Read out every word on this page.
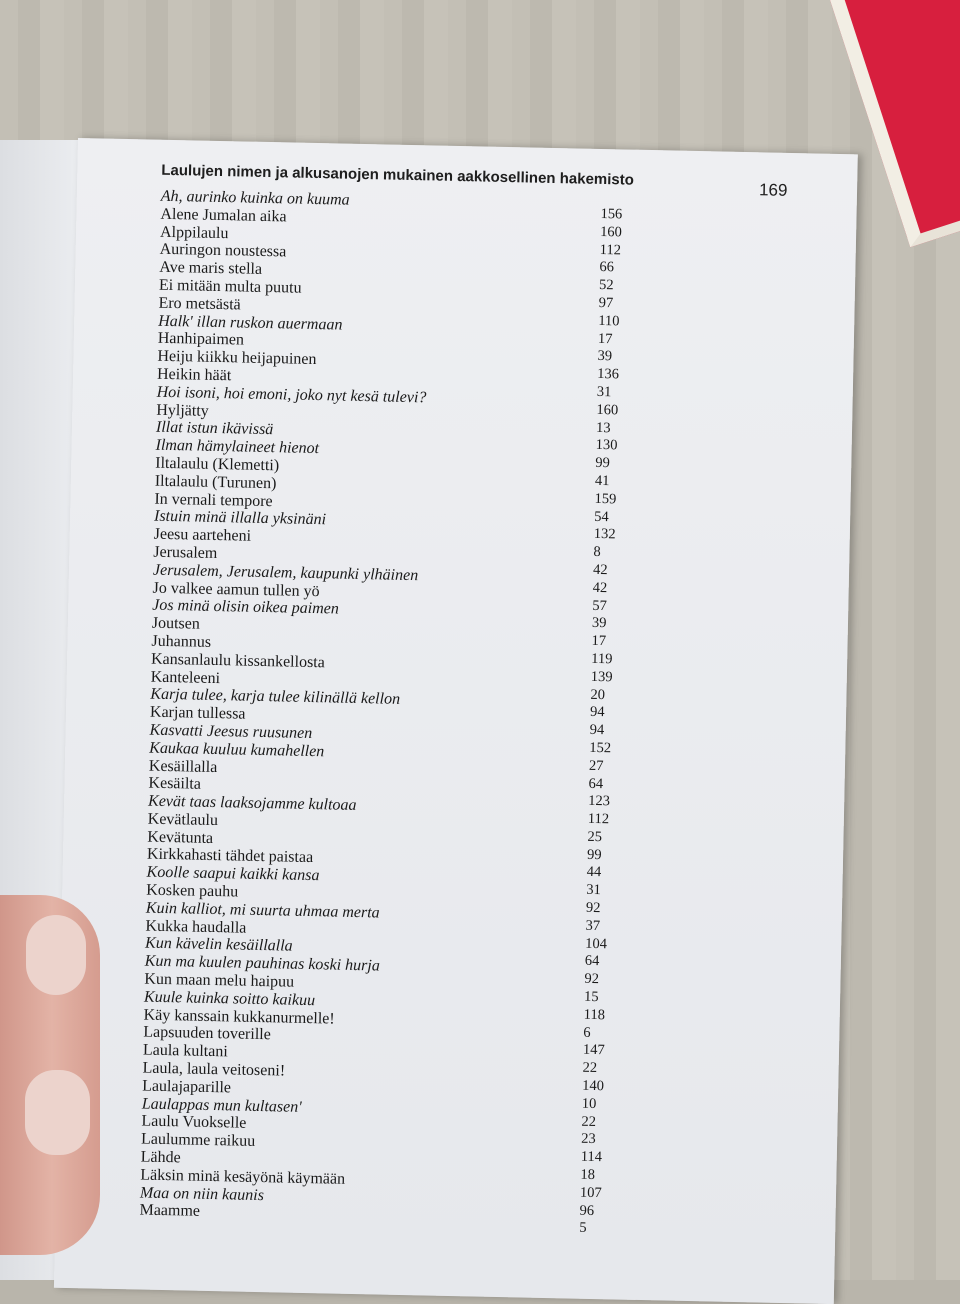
Laulujen nimen ja alkusanojen mukainen aakkosellinen hakemisto
169
Ah, aurinko kuinka on kuuma
156
Alene Jumalan aika
160
Alppilaulu
112
Auringon noustessa
66
Ave maris stella
52
Ei mitään multa puutu
97
Ero metsästä
110
Halk' illan ruskon auermaan
17
Hanhipaimen
39
Heiju kiikku heijapuinen
136
Heikin häät
31
Hoi isoni, hoi emoni, joko nyt kesä tulevi?
160
Hyljätty
13
Illat istun ikävissä
130
Ilman hämylaineet hienot
99
Iltalaulu (Klemetti)
41
Iltalaulu (Turunen)
159
In vernali tempore
54
Istuin minä illalla yksinäni
132
Jeesu aarteheni
8
Jerusalem
42
Jerusalem, Jerusalem, kaupunki ylhäinen
42
Jo valkee aamun tullen yö
57
Jos minä olisin oikea paimen
39
Joutsen
17
Juhannus
119
Kansanlaulu kissankellosta
139
Kanteleeni
20
Karja tulee, karja tulee kilinällä kellon
94
Karjan tullessa
94
Kasvatti Jeesus ruusunen
152
Kaukaa kuuluu kumahellen
27
Kesäillalla
64
Kesäilta
123
Kevät taas laaksojamme kultoaa
112
Kevätlaulu
25
Kevätunta
99
Kirkkahasti tähdet paistaa
44
Koolle saapui kaikki kansa
31
Kosken pauhu
92
Kuin kalliot, mi suurta uhmaa merta
37
Kukka haudalla
104
Kun kävelin kesäillalla
64
Kun ma kuulen pauhinas koski hurja
92
Kun maan melu haipuu
15
Kuule kuinka soitto kaikuu
118
Käy kanssain kukkanurmelle!
6
Lapsuuden toverille
147
Laula kultani
22
Laula, laula veitoseni!
140
Laulajaparille
10
Laulappas mun kultasen'
22
Laulu Vuokselle
23
Laulumme raikuu
114
Lähde
18
Läksin minä kesäyönä käymään
107
Maa on niin kaunis
96
Maamme
5
